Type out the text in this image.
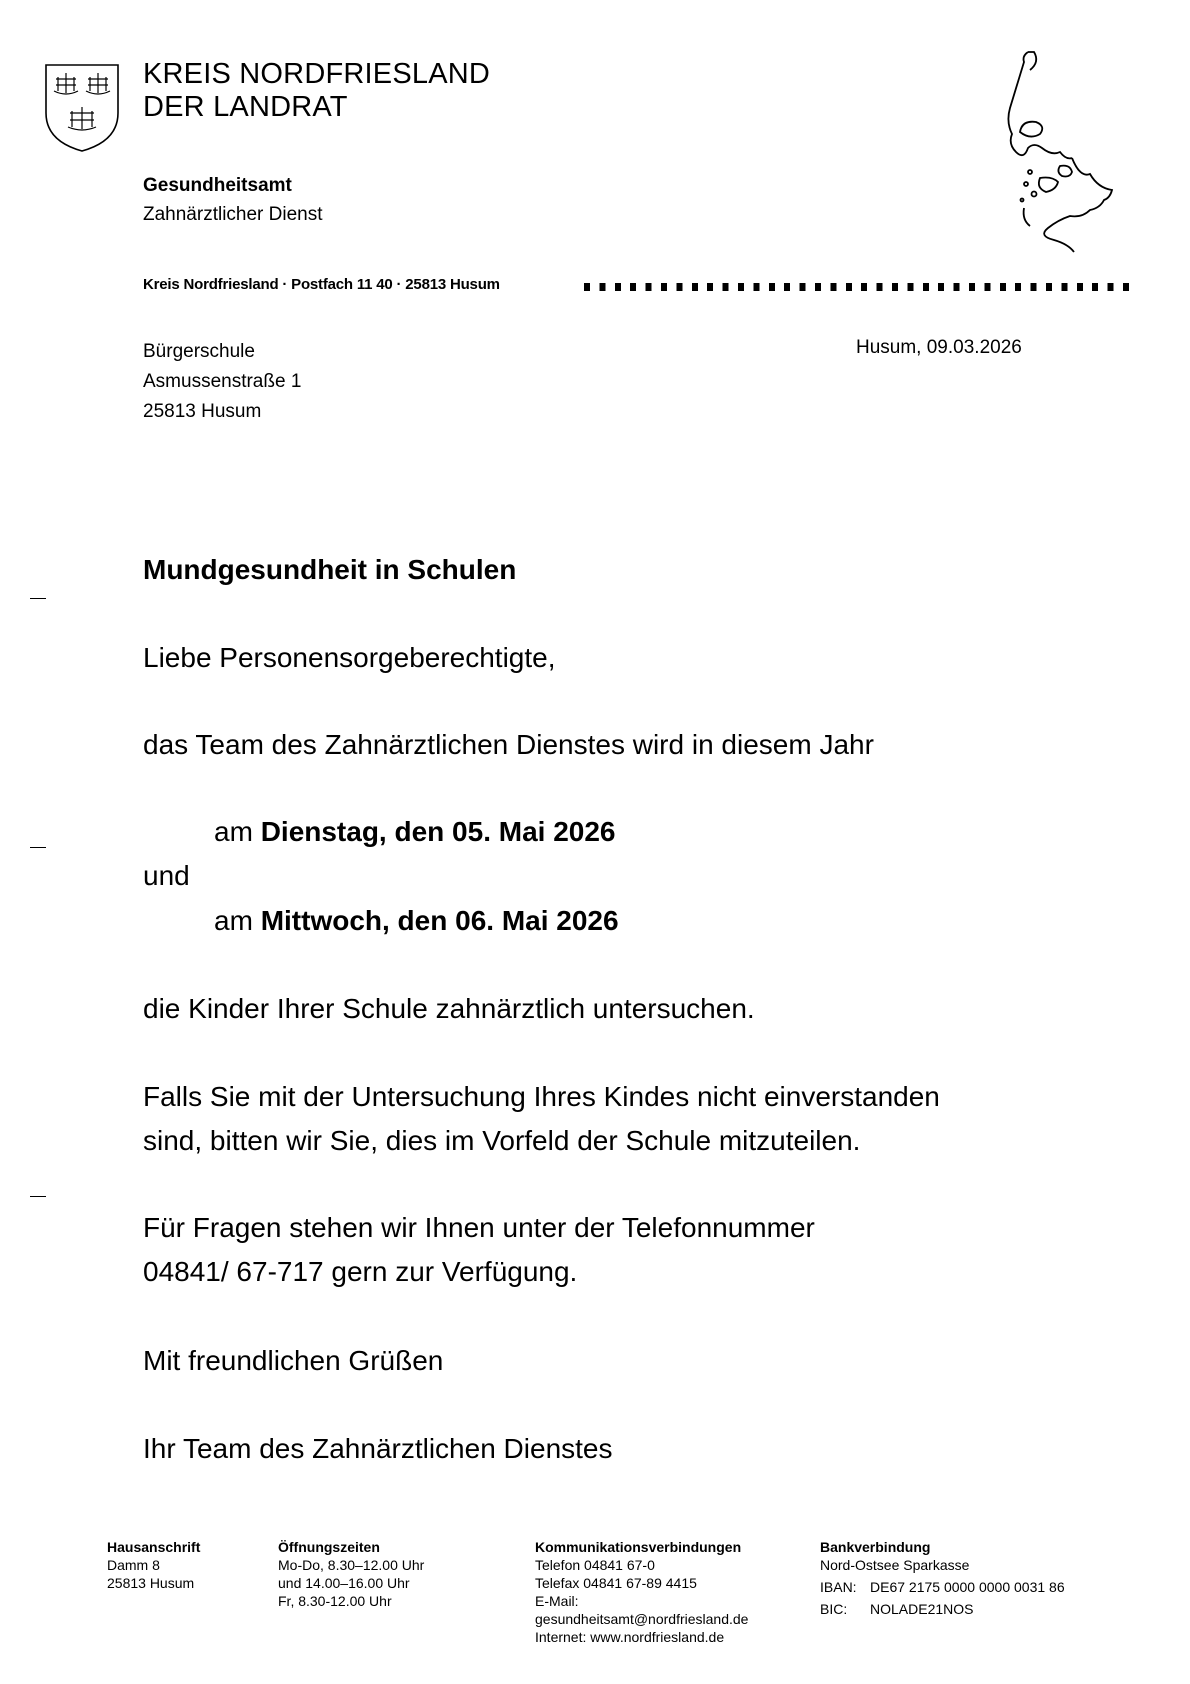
KREIS NORDFRIESLAND
DER LANDRAT
Gesundheitsamt
Zahnärztlicher Dienst
Kreis Nordfriesland · Postfach 11 40 · 25813 Husum
Bürgerschule
Asmussenstraße 1
25813 Husum
Husum, 09.03.2026
Mundgesundheit in Schulen
Liebe Personensorgeberechtigte,
das Team des Zahnärztlichen Dienstes wird in diesem Jahr
am Dienstag, den 05. Mai 2026
und
am Mittwoch, den 06. Mai 2026
die Kinder Ihrer Schule zahnärztlich untersuchen.
Falls Sie mit der Untersuchung Ihres Kindes nicht einverstanden
sind, bitten wir Sie, dies im Vorfeld der Schule mitzuteilen.
Für Fragen stehen wir Ihnen unter der Telefonnummer
04841/ 67-717 gern zur Verfügung.
Mit freundlichen Grüßen
Ihr Team des Zahnärztlichen Dienstes
Hausanschrift
Damm 8
25813 Husum
Öffnungszeiten
Mo-Do, 8.30–12.00 Uhr
und 14.00–16.00 Uhr
Fr, 8.30-12.00 Uhr
Kommunikationsverbindungen
Telefon 04841 67-0
Telefax 04841 67-89 4415
E-Mail:
gesundheitsamt@nordfriesland.de
Internet: www.nordfriesland.de
Bankverbindung
Nord-Ostsee Sparkasse
IBAN: DE67 2175 0000 0000 0031 86
BIC:	NOLADE21NOS
